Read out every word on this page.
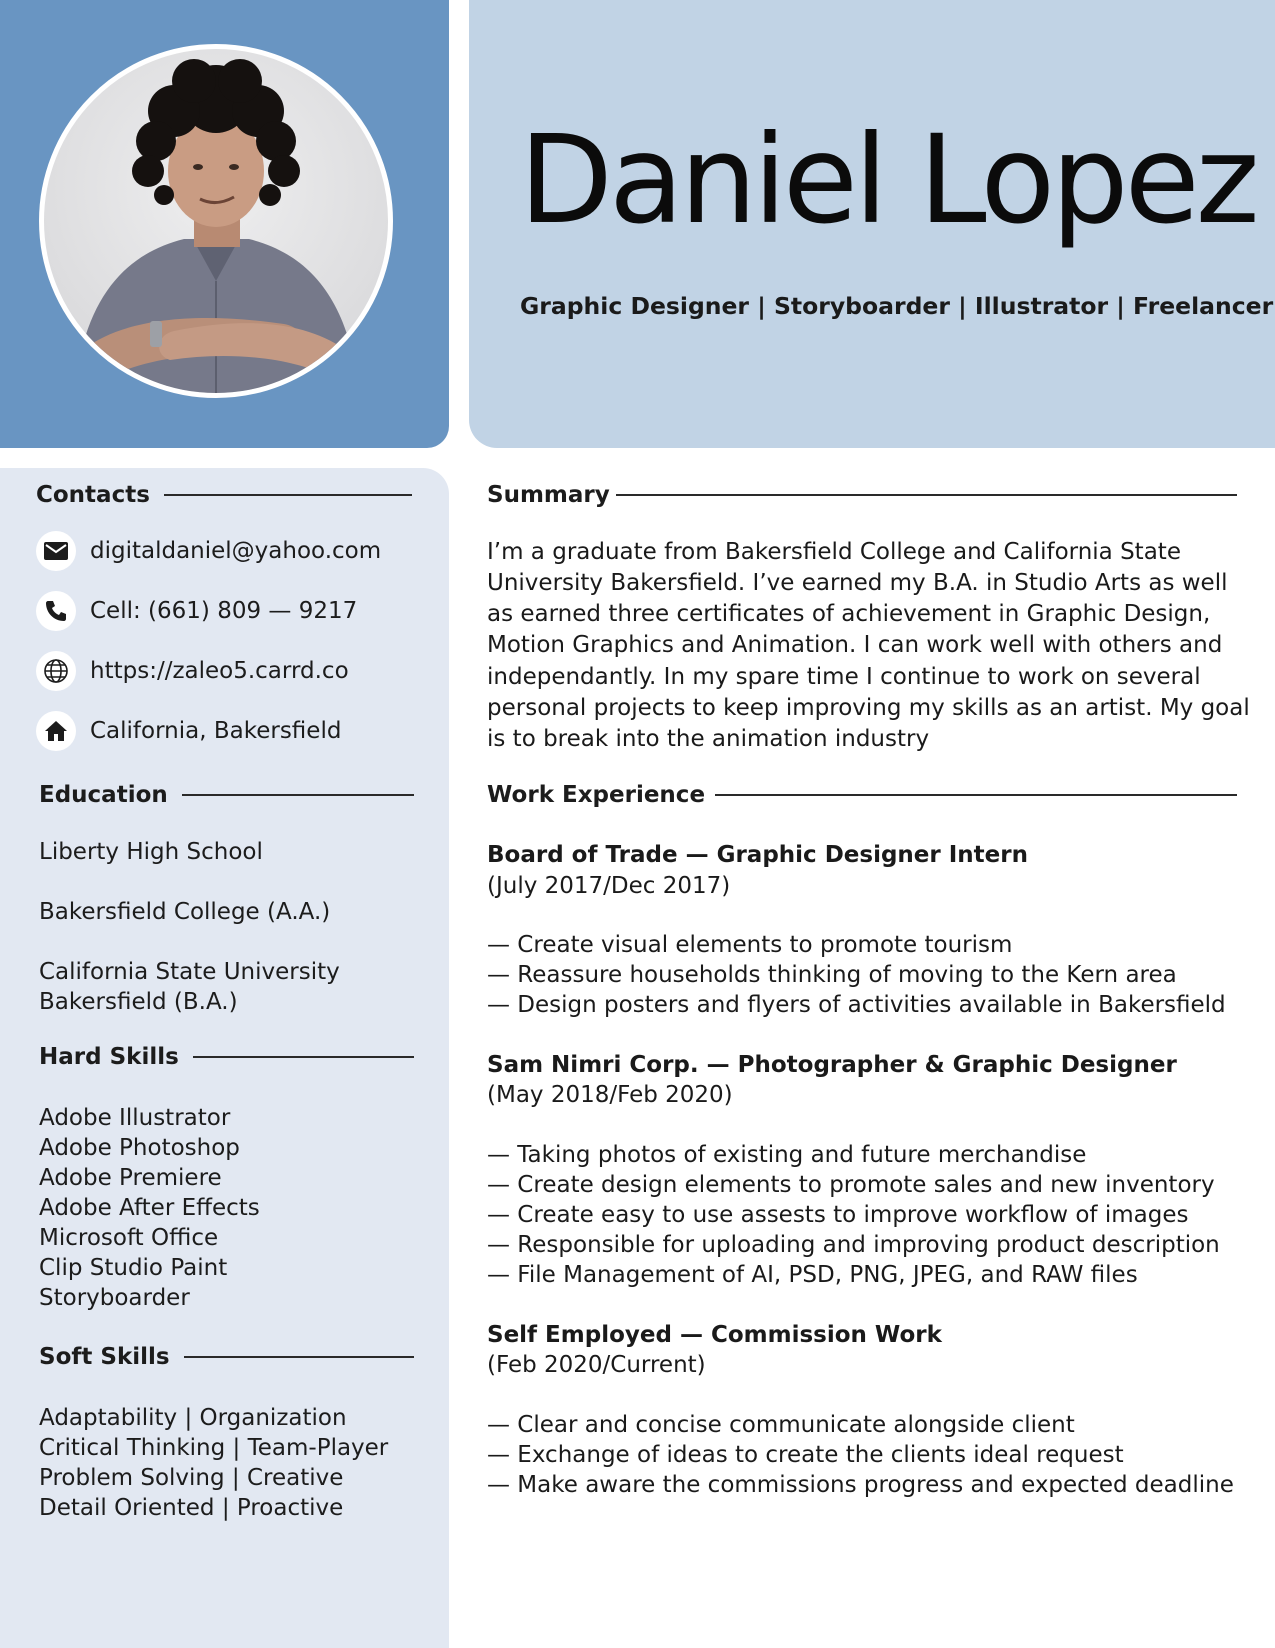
Daniel Lopez
Graphic Designer | Storyboarder | Illustrator | Freelancer
Contacts
digitaldaniel@yahoo.com
Cell: (661) 809 — 9217
https://zaleo5.carrd.co
California, Bakersfield
Education
Liberty High School
Bakersfield College (A.A.)
California State University
Bakersfield (B.A.)
Hard Skills
Adobe Illustrator
Adobe Photoshop
Adobe Premiere
Adobe After Effects
Microsoft Office
Clip Studio Paint
Storyboarder
Soft Skills
Adaptability | Organization
Critical Thinking | Team-Player
Problem Solving | Creative
Detail Oriented | Proactive
Summary
I’m a graduate from Bakersfield College and California State
University Bakersfield. I’ve earned my B.A. in Studio Arts as well
as earned three certificates of achievement in Graphic Design,
Motion Graphics and Animation. I can work well with others and
independantly. In my spare time I continue to work on several
personal projects to keep improving my skills as an artist. My goal
is to break into the animation industry
Work Experience
Board of Trade — Graphic Designer Intern
(July 2017/Dec 2017)
— Create visual elements to promote tourism
— Reassure households thinking of moving to the Kern area
— Design posters and flyers of activities available in Bakersfield
Sam Nimri Corp. — Photographer & Graphic Designer
(May 2018/Feb 2020)
— Taking photos of existing and future merchandise
— Create design elements to promote sales and new inventory
— Create easy to use assests to improve workflow of images
— Responsible for uploading and improving product description
— File Management of AI, PSD, PNG, JPEG, and RAW files
Self Employed — Commission Work
(Feb 2020/Current)
— Clear and concise communicate alongside client
— Exchange of ideas to create the clients ideal request
— Make aware the commissions progress and expected deadline
